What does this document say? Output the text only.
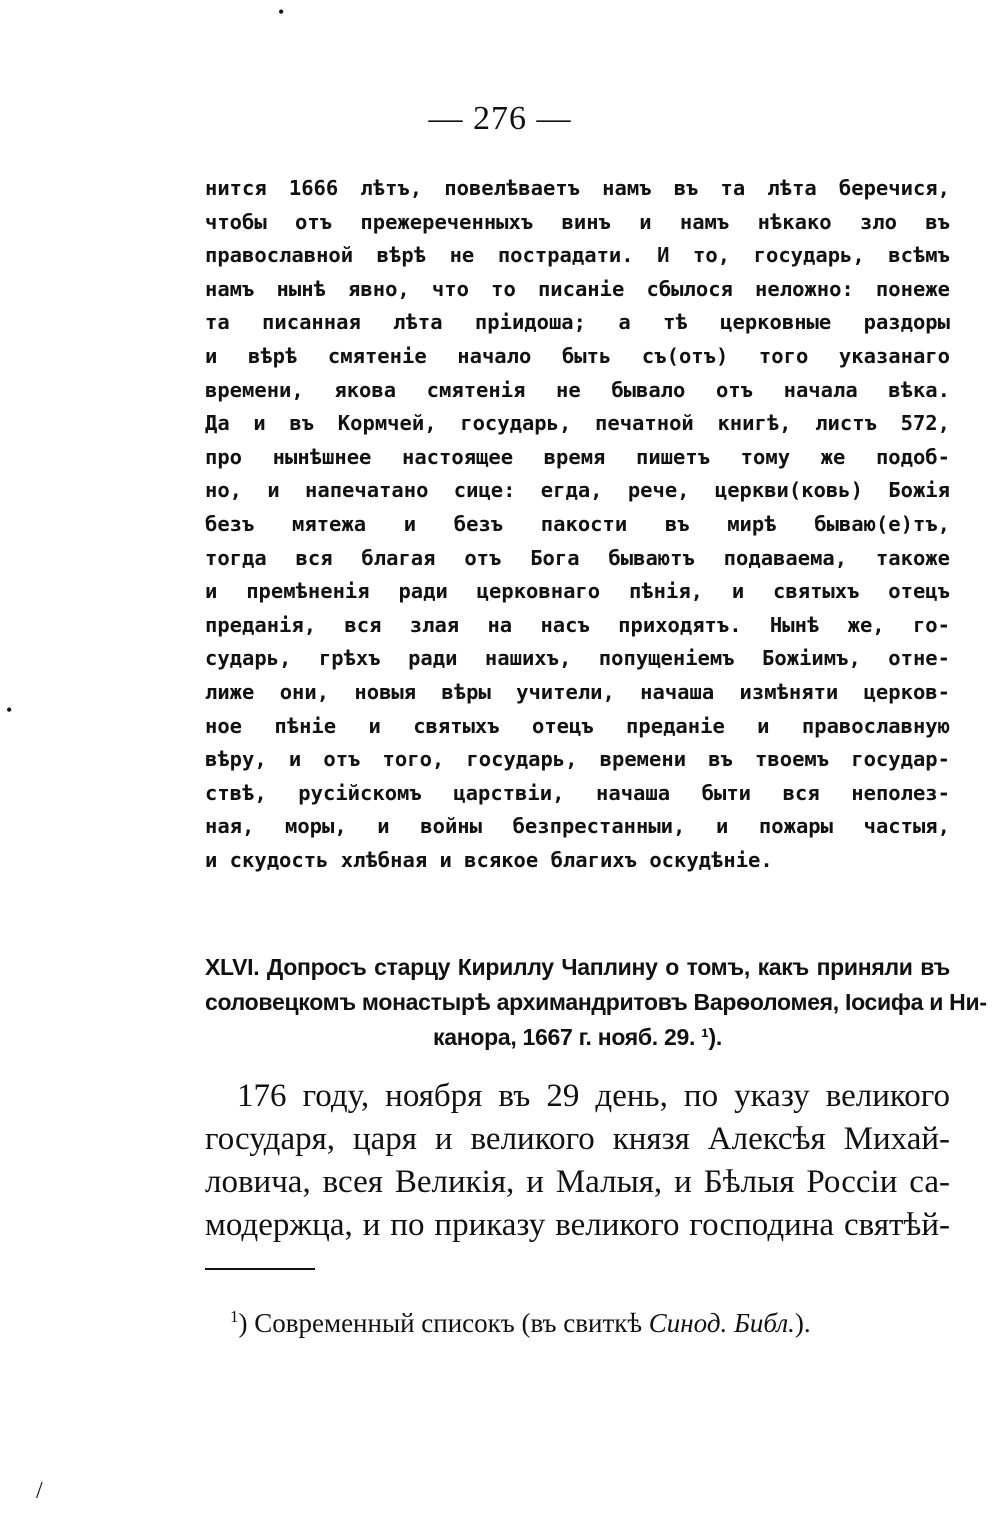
•
•
/
— 276 —
нится 1666 лѣтъ, повелѣваетъ намъ въ та лѣта беречися,
чтобы отъ прежереченныхъ винъ и намъ нѣкако зло въ
православной вѣрѣ не пострадати. И то, государь, всѣмъ
намъ нынѣ явно, что то писаніе сбылося неложно: понеже
та писанная лѣта пріидоша; а тѣ церковные раздоры
и вѣрѣ смятеніе начало быть съ(отъ) того указанаго
времени, якова смятенія не бывало отъ начала вѣка.
Да и въ Кормчей, государь, печатной книгѣ, листъ 572,
про нынѣшнее настоящее время пишетъ тому же подоб-
но, и напечатано сице: егда, рече, церкви(ковь) Божія
безъ мятежа и безъ пакости въ мирѣ бываю(е)тъ,
тогда вся благая отъ Бога бываютъ подаваема, такоже
и премѣненія ради церковнаго пѣнія, и святыхъ отецъ
преданія, вся злая на насъ приходятъ. Нынѣ же, го-
сударь, грѣхъ ради нашихъ, попущеніемъ Божіимъ, отне-
лиже они, новыя вѣры учители, начаша измѣняти церков-
ное пѣніе и святыхъ отецъ преданіе и православную
вѣру, и отъ того, государь, времени въ твоемъ государ-
ствѣ, русійскомъ царствіи, начаша быти вся неполез-
ная, моры, и войны безпрестанныи, и пожары частыя,
и скудость хлѣбная и всякое благихъ оскудѣніе.
XLVI. Допросъ старцу Кириллу Чаплину о томъ, какъ приняли въ
соловецкомъ монастырѣ архимандритовъ Варѳоломея, Іосифа и Ни-
канора, 1667 г. нояб. 29. ¹).
176 году, ноября въ 29 день, по указу великого
государя, царя и великого князя Алексѣя Михай-
ловича, всея Великія, и Малыя, и Бѣлыя Россіи са-
модержца, и по приказу великого господина святѣй-
$^1$) Современный списокъ (въ свиткѣ Синод. Библ.).
